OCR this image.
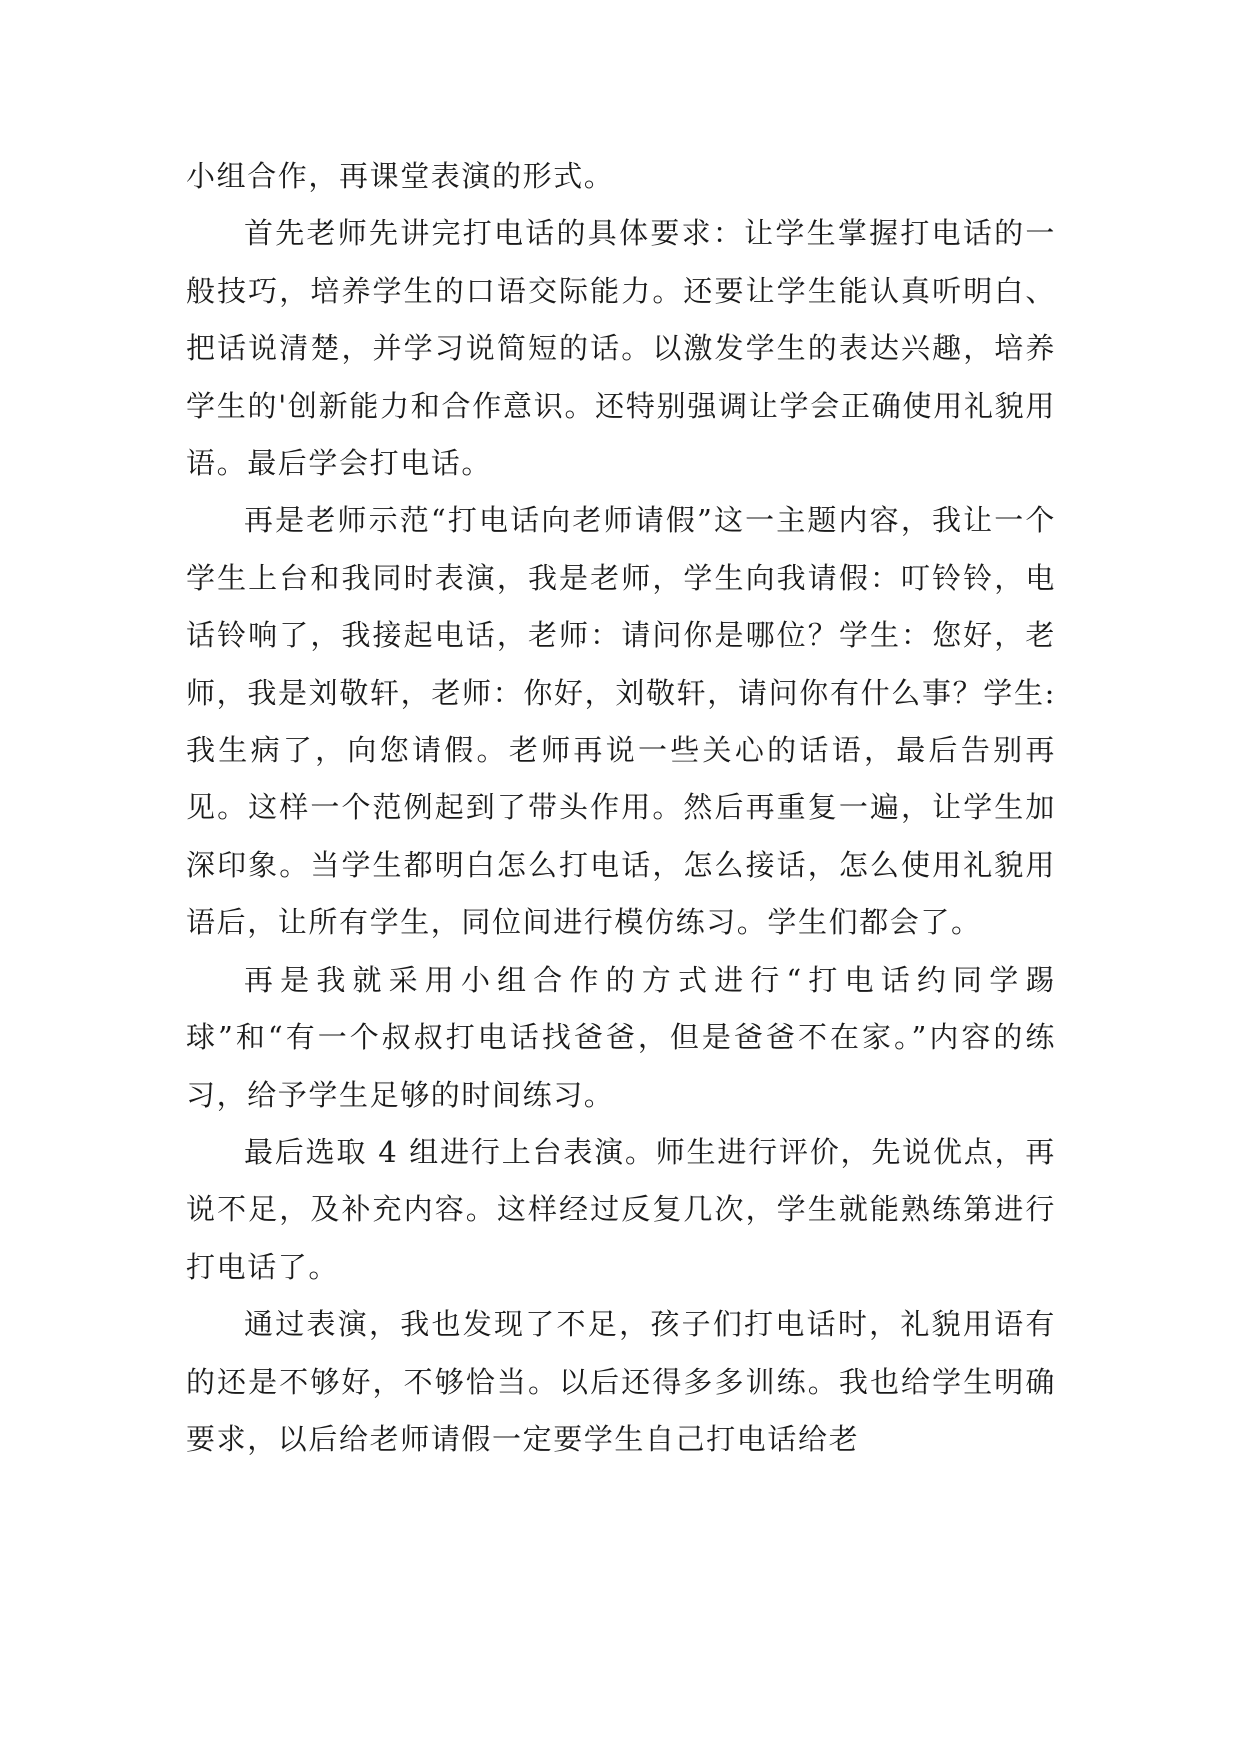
小组合作，再课堂表演的形式。

首先老师先讲完打电话的具体要求：让学生掌握打电话的一般技巧，培养学生的口语交际能力。还要让学生能认真听明白、把话说清楚，并学习说简短的话。以激发学生的表达兴趣，培养学生的'创新能力和合作意识。还特别强调让学会正确使用礼貌用语。最后学会打电话。

再是老师示范“打电话向老师请假”这一主题内容，我让一个学生上台和我同时表演，我是老师，学生向我请假：叮铃铃，电话铃响了，我接起电话，老师：请问你是哪位？学生：您好，老师，我是刘敬轩，老师：你好，刘敬轩，请问你有什么事？学生:我生病了，向您请假。老师再说一些关心的话语，最后告别再见。这样一个范例起到了带头作用。然后再重复一遍，让学生加深印象。当学生都明白怎么打电话，怎么接话，怎么使用礼貌用语后，让所有学生，同位间进行模仿练习。学生们都会了。

再是我就采用小组合作的方式进行“打电话约同学踢球”和“有一个叔叔打电话找爸爸，但是爸爸不在家。”内容的练习，给予学生足够的时间练习。

最后选取 4 组进行上台表演。师生进行评价，先说优点，再说不足，及补充内容。这样经过反复几次，学生就能熟练第进行打电话了。

通过表演，我也发现了不足，孩子们打电话时，礼貌用语有的还是不够好，不够恰当。以后还得多多训练。我也给学生明确要求，以后给老师请假一定要学生自己打电话给老
